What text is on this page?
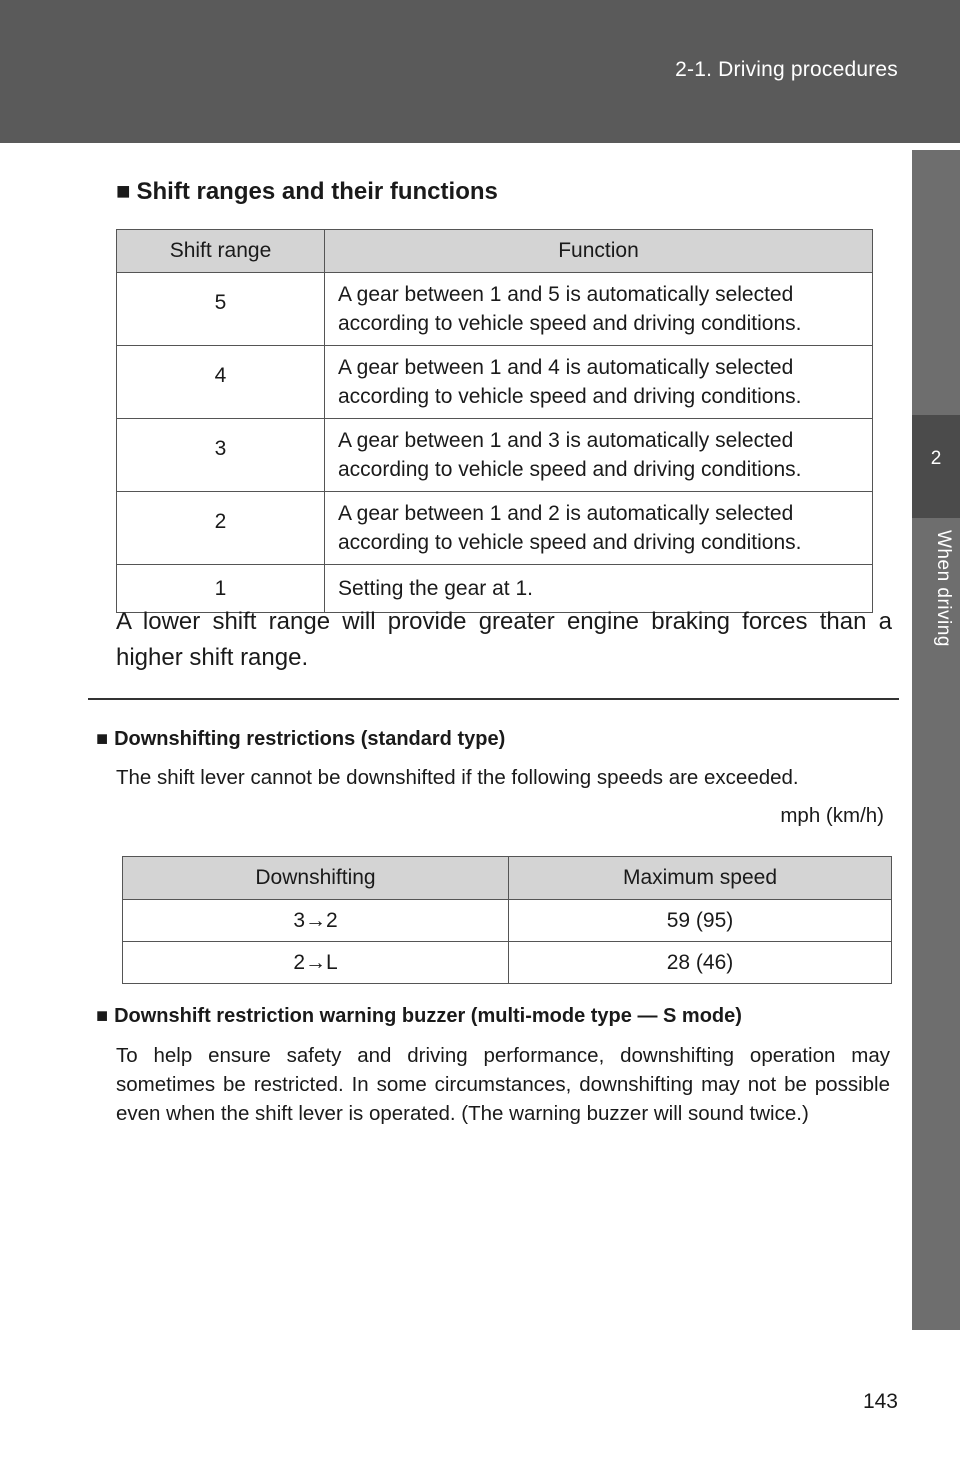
2-1. Driving procedures
2
When driving
■ Shift ranges and their functions
Shift range	Function
5	A gear between 1 and 5 is automatically selected according to vehicle speed and driving conditions.
4	A gear between 1 and 4 is automatically selected according to vehicle speed and driving conditions.
3	A gear between 1 and 3 is automatically selected according to vehicle speed and driving conditions.
2	A gear between 1 and 2 is automatically selected according to vehicle speed and driving conditions.
1	Setting the gear at 1.
A lower shift range will provide greater engine braking forces than a higher shift range.
■ Downshifting restrictions (standard type)
The shift lever cannot be downshifted if the following speeds are exceeded.
mph (km/h)
Downshifting	Maximum speed
3→2	59 (95)
2→L	28 (46)
■ Downshift restriction warning buzzer (multi-mode type — S mode)
To help ensure safety and driving performance, downshifting operation may sometimes be restricted. In some circumstances, downshifting may not be possible even when the shift lever is operated. (The warning buzzer will sound twice.)
143
